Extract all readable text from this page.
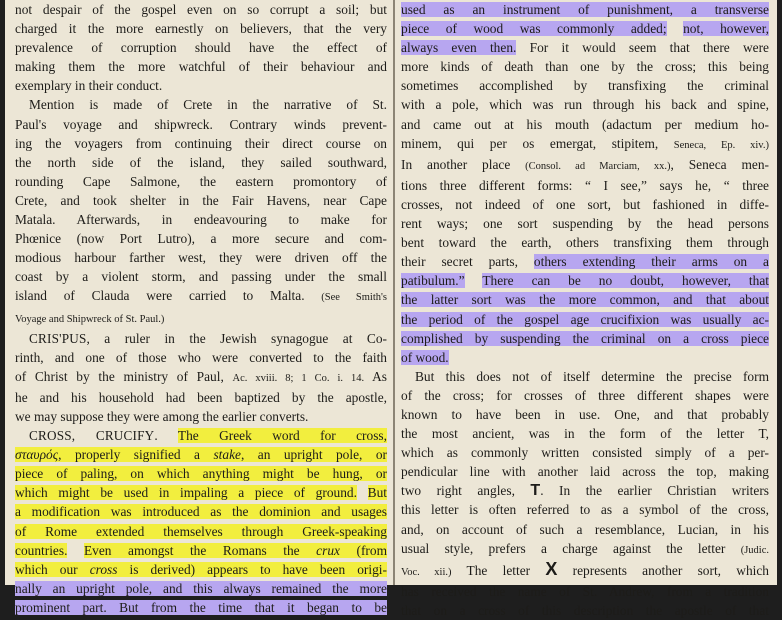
not despair of the gospel even on so corrupt a soil; but
charged it the more earnestly on believers, that the very
prevalence of corruption should have the effect of
making them the more watchful of their behaviour and
exemplary in their conduct.
Mention is made of Crete in the narrative of St.
Paul's voyage and shipwreck. Contrary winds prevent-
ing the voyagers from continuing their direct course on
the north side of the island, they sailed southward,
rounding Cape Salmone, the eastern promontory of
Crete, and took shelter in the Fair Havens, near Cape
Matala. Afterwards, in endeavouring to make for
Phœnice (now Port Lutro), a more secure and com-
modious harbour farther west, they were driven off the
coast by a violent storm, and passing under the small
island of Clauda were carried to Malta. (See Smith's
Voyage and Shipwreck of St. Paul.)
CRIS'PUS, a ruler in the Jewish synagogue at Co-
rinth, and one of those who were converted to the faith
of Christ by the ministry of Paul, Ac. xviii. 8; 1 Co. i. 14. As
he and his household had been baptized by the apostle,
we may suppose they were among the earlier converts.
CROSS, CRUCIFY. The Greek word for cross,
σταυρός, properly signified a stake, an upright pole, or
piece of paling, on which anything might be hung, or
which might be used in impaling a piece of ground. But
a modification was introduced as the dominion and usages
of Rome extended themselves through Greek-speaking
countries. Even amongst the Romans the crux (from
which our cross is derived) appears to have been origi-
nally an upright pole, and this always remained the more
prominent part. But from the time that it began to be
used as an instrument of punishment, a transverse
piece of wood was commonly added; not, however,
always even then. For it would seem that there were
more kinds of death than one by the cross; this being
sometimes accomplished by transfixing the criminal
with a pole, which was run through his back and spine,
and came out at his mouth (adactum per medium ho-
minem, qui per os emergat, stipitem, Seneca, Ep. xiv.)
In another place (Consol. ad Marciam, xx.), Seneca men-
tions three different forms: “ I see,” says he, “ three
crosses, not indeed of one sort, but fashioned in diffe-
rent ways; one sort suspending by the head persons
bent toward the earth, others transfixing them through
their secret parts, others extending their arms on a
patibulum.” There can be no doubt, however, that
the latter sort was the more common, and that about
the period of the gospel age crucifixion was usually ac-
complished by suspending the criminal on a cross piece
of wood.
But this does not of itself determine the precise form
of the cross; for crosses of three different shapes were
known to have been in use. One, and that probably
the most ancient, was in the form of the letter T,
which as commonly written consisted simply of a per-
pendicular line with another laid across the top, making
two right angles, T. In the earlier Christian writers
this letter is often referred to as a symbol of the cross,
and, on account of such a resemblance, Lucian, in his
usual style, prefers a charge against the letter (Judic.
Voc. xii.) The letter X represents another sort, which
has received the name of St. Andrew, from a tradition
that on a cross of this description the apostle of that
